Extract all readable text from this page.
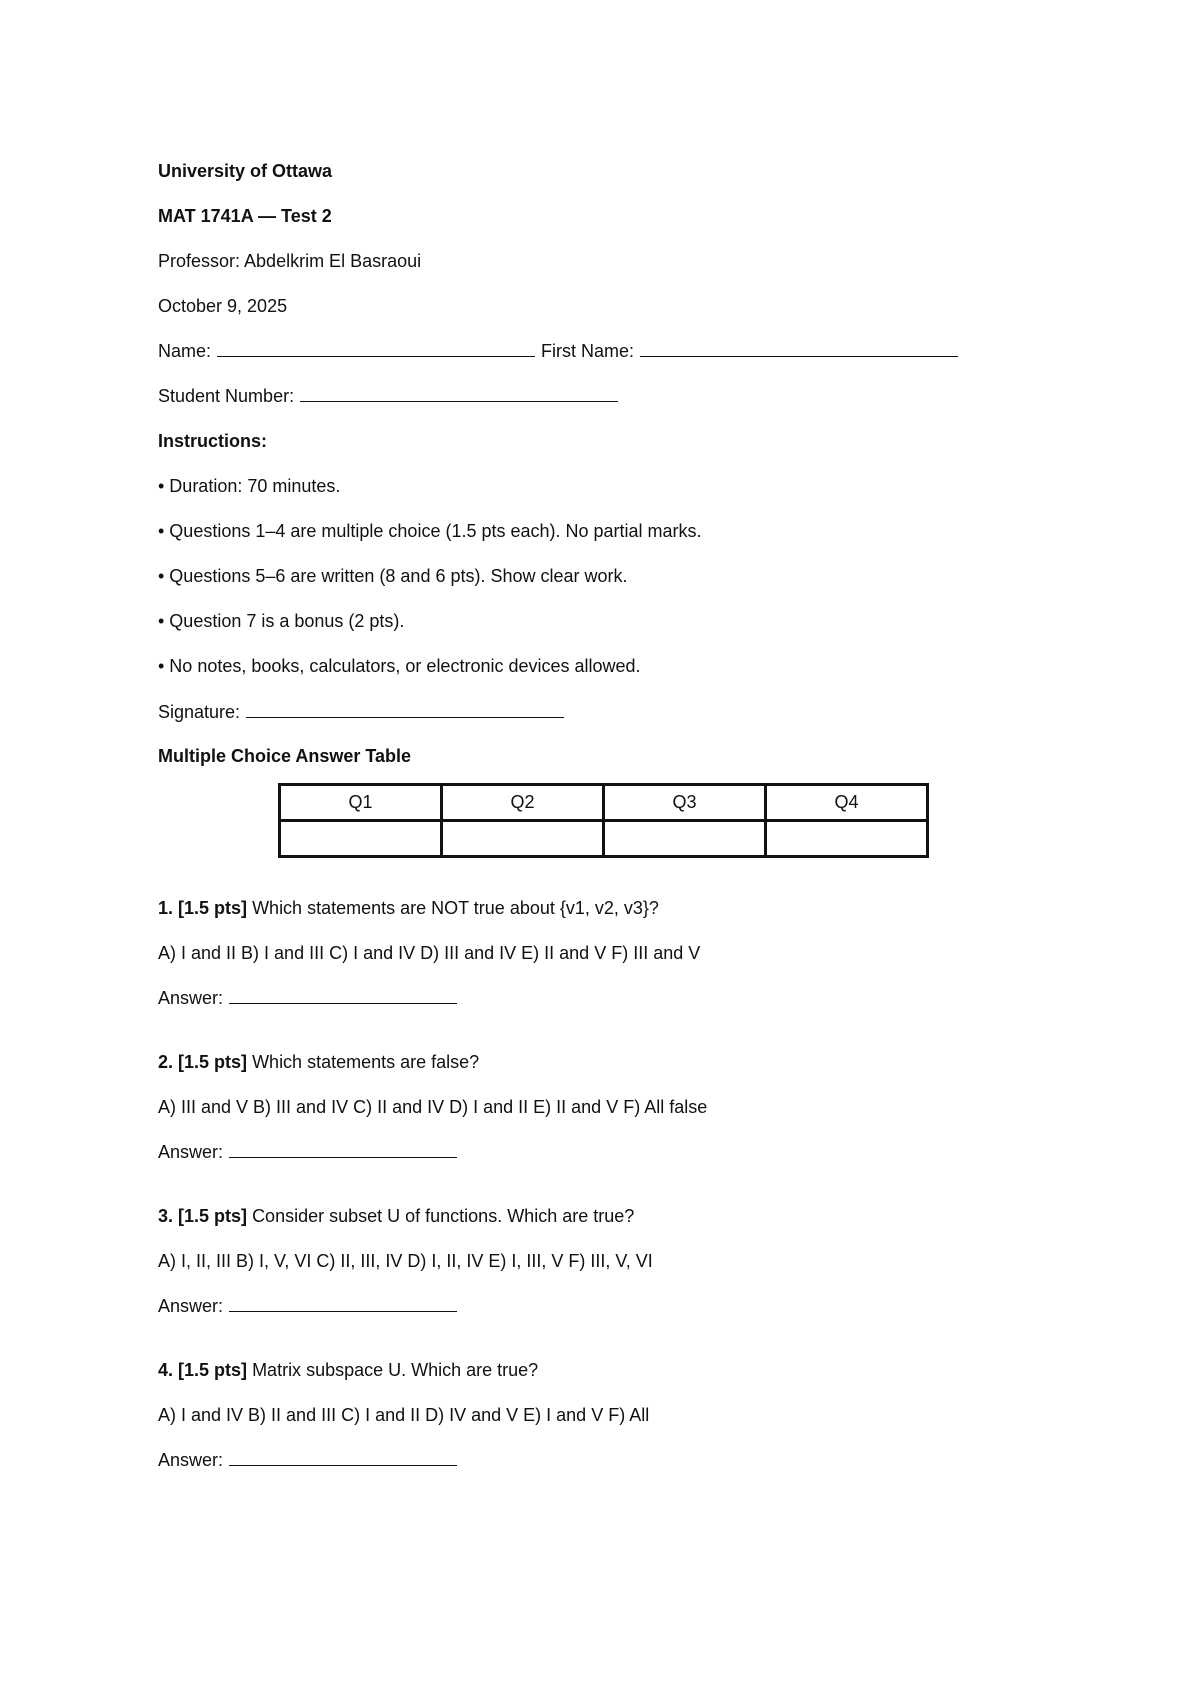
University of Ottawa
MAT 1741A — Test 2
Professor: Abdelkrim El Basraoui
October 9, 2025
Name:	First Name:
Student Number:
Instructions:
• Duration: 70 minutes.
• Questions 1–4 are multiple choice (1.5 pts each). No partial marks.
• Questions 5–6 are written (8 and 6 pts). Show clear work.
• Question 7 is a bonus (2 pts).
• No notes, books, calculators, or electronic devices allowed.
Signature:
Multiple Choice Answer Table
Q1	Q2	Q3	Q4

1. [1.5 pts] Which statements are NOT true about {v1, v2, v3}?
A) I and II B) I and III C) I and IV D) III and IV E) II and V F) III and V
Answer:
2. [1.5 pts] Which statements are false?
A) III and V B) III and IV C) II and IV D) I and II E) II and V F) All false
Answer:
3. [1.5 pts] Consider subset U of functions. Which are true?
A) I, II, III B) I, V, VI C) II, III, IV D) I, II, IV E) I, III, V F) III, V, VI
Answer:
4. [1.5 pts] Matrix subspace U. Which are true?
A) I and IV B) II and III C) I and II D) IV and V E) I and V F) All
Answer:
